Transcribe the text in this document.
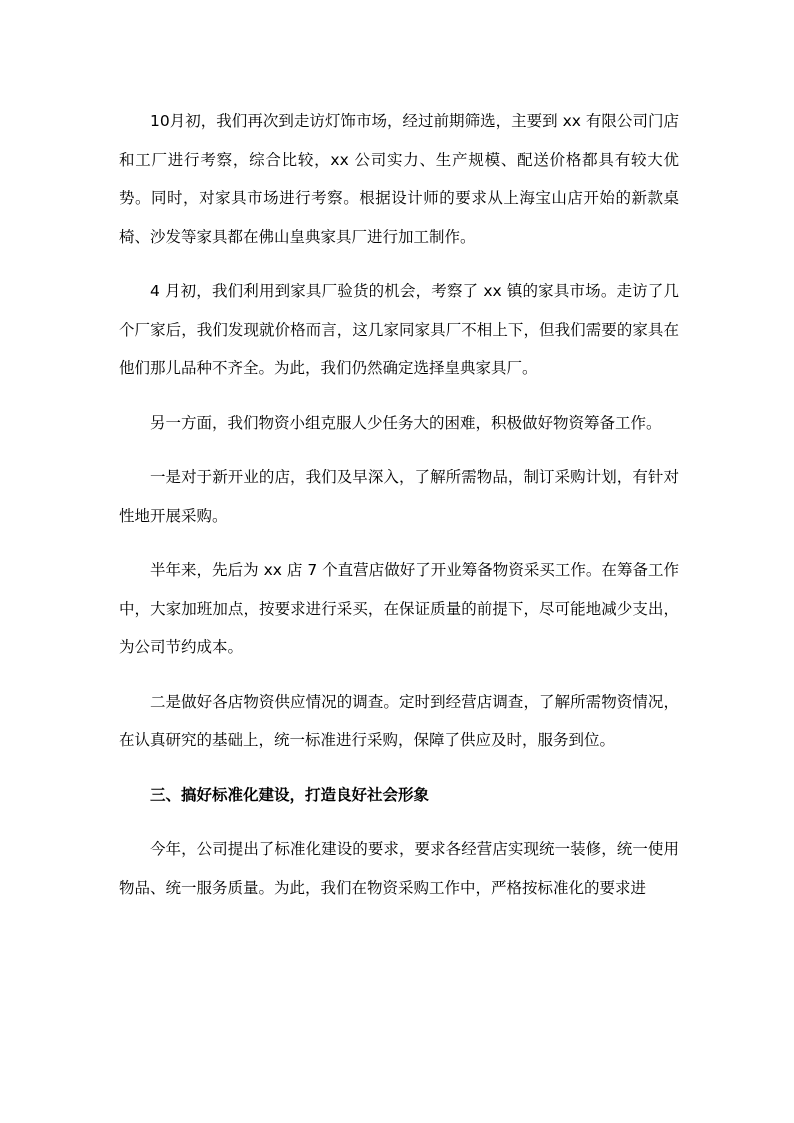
10月初，我们再次到走访灯饰市场，经过前期筛选，主要到 xx 有限公司门店和工厂进行考察，综合比较，xx 公司实力、生产规模、配送价格都具有较大优势。同时，对家具市场进行考察。根据设计师的要求从上海宝山店开始的新款桌椅、沙发等家具都在佛山皇典家具厂进行加工制作。

4 月初，我们利用到家具厂验货的机会，考察了 xx 镇的家具市场。走访了几个厂家后，我们发现就价格而言，这几家同家具厂不相上下，但我们需要的家具在他们那儿品种不齐全。为此，我们仍然确定选择皇典家具厂。

另一方面，我们物资小组克服人少任务大的困难，积极做好物资筹备工作。

一是对于新开业的店，我们及早深入，了解所需物品，制订采购计划，有针对性地开展采购。

半年来，先后为 xx 店 7 个直营店做好了开业筹备物资采买工作。在筹备工作中，大家加班加点，按要求进行采买，在保证质量的前提下，尽可能地减少支出，为公司节约成本。

二是做好各店物资供应情况的调查。定时到经营店调查，了解所需物资情况，在认真研究的基础上，统一标准进行采购，保障了供应及时，服务到位。

三、搞好标准化建设，打造良好社会形象

今年，公司提出了标准化建设的要求，要求各经营店实现统一装修，统一使用物品、统一服务质量。为此，我们在物资采购工作中，严格按标准化的要求进
